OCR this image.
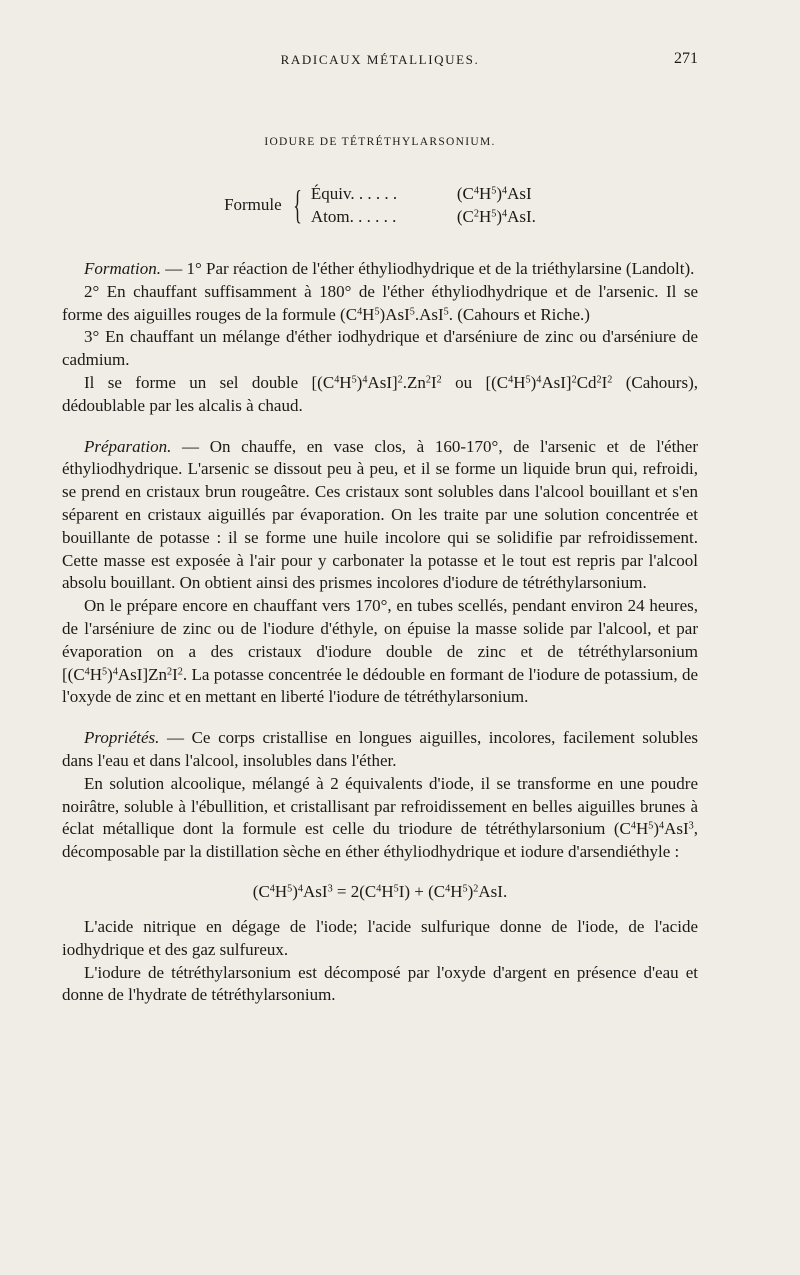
RADICAUX MÉTALLIQUES.	271
IODURE DE TÉTRÉTHYLARSONIUM.
Formule { Équiv. . . . . .	$(C^4H^5)^4AsI$
Atom. . . . . .	$(C^2H^5)^4AsI$.

Formation. — 1° Par réaction de l'éther éthyliodhydrique et de la triéthylarsine (Landolt).

2° En chauffant suffisamment à 180° de l'éther éthyliodhydrique et de l'arsenic. Il se forme des aiguilles rouges de la formule $(C^4H^5)AsI^5.AsI^5$. (Cahours et Riche.)

3° En chauffant un mélange d'éther iodhydrique et d'arséniure de zinc ou d'arséniure de cadmium.

Il se forme un sel double $[(C^4H^5)^4AsI]^2.Zn^2I^2$ ou $[(C^4H^5)^4AsI]^2Cd^2I^2$ (Cahours), dédoublable par les alcalis à chaud.

Préparation. — On chauffe, en vase clos, à 160-170°, de l'arsenic et de l'éther éthyliodhydrique. L'arsenic se dissout peu à peu, et il se forme un liquide brun qui, refroidi, se prend en cristaux brun rougeâtre. Ces cristaux sont solubles dans l'alcool bouillant et s'en séparent en cristaux aiguillés par évaporation. On les traite par une solution concentrée et bouillante de potasse : il se forme une huile incolore qui se solidifie par refroidissement. Cette masse est exposée à l'air pour y carbonater la potasse et le tout est repris par l'alcool absolu bouillant. On obtient ainsi des prismes incolores d'iodure de tétréthylarsonium.

On le prépare encore en chauffant vers 170°, en tubes scellés, pendant environ 24 heures, de l'arséniure de zinc ou de l'iodure d'éthyle, on épuise la masse solide par l'alcool, et par évaporation on a des cristaux d'iodure double de zinc et de tétréthylarsonium $[(C^4H^5)^4AsI]Zn^2I^2$. La potasse concentrée le dédouble en formant de l'iodure de potassium, de l'oxyde de zinc et en mettant en liberté l'iodure de tétréthylarsonium.

Propriétés. — Ce corps cristallise en longues aiguilles, incolores, facilement solubles dans l'eau et dans l'alcool, insolubles dans l'éther.

En solution alcoolique, mélangé à 2 équivalents d'iode, il se transforme en une poudre noirâtre, soluble à l'ébullition, et cristallisant par refroidissement en belles aiguilles brunes à éclat métallique dont la formule est celle du triodure de tétréthylarsonium $(C^4H^5)^4AsI^3$, décomposable par la distillation sèche en éther éthyliodhydrique et iodure d'arsendiéthyle :

$(C^4H^5)^4AsI^3 = 2(C^4H^5I) + (C^4H^5)^2AsI$.

L'acide nitrique en dégage de l'iode; l'acide sulfurique donne de l'iode, de l'acide iodhydrique et des gaz sulfureux.

L'iodure de tétréthylarsonium est décomposé par l'oxyde d'argent en présence d'eau et donne de l'hydrate de tétréthylarsonium.
